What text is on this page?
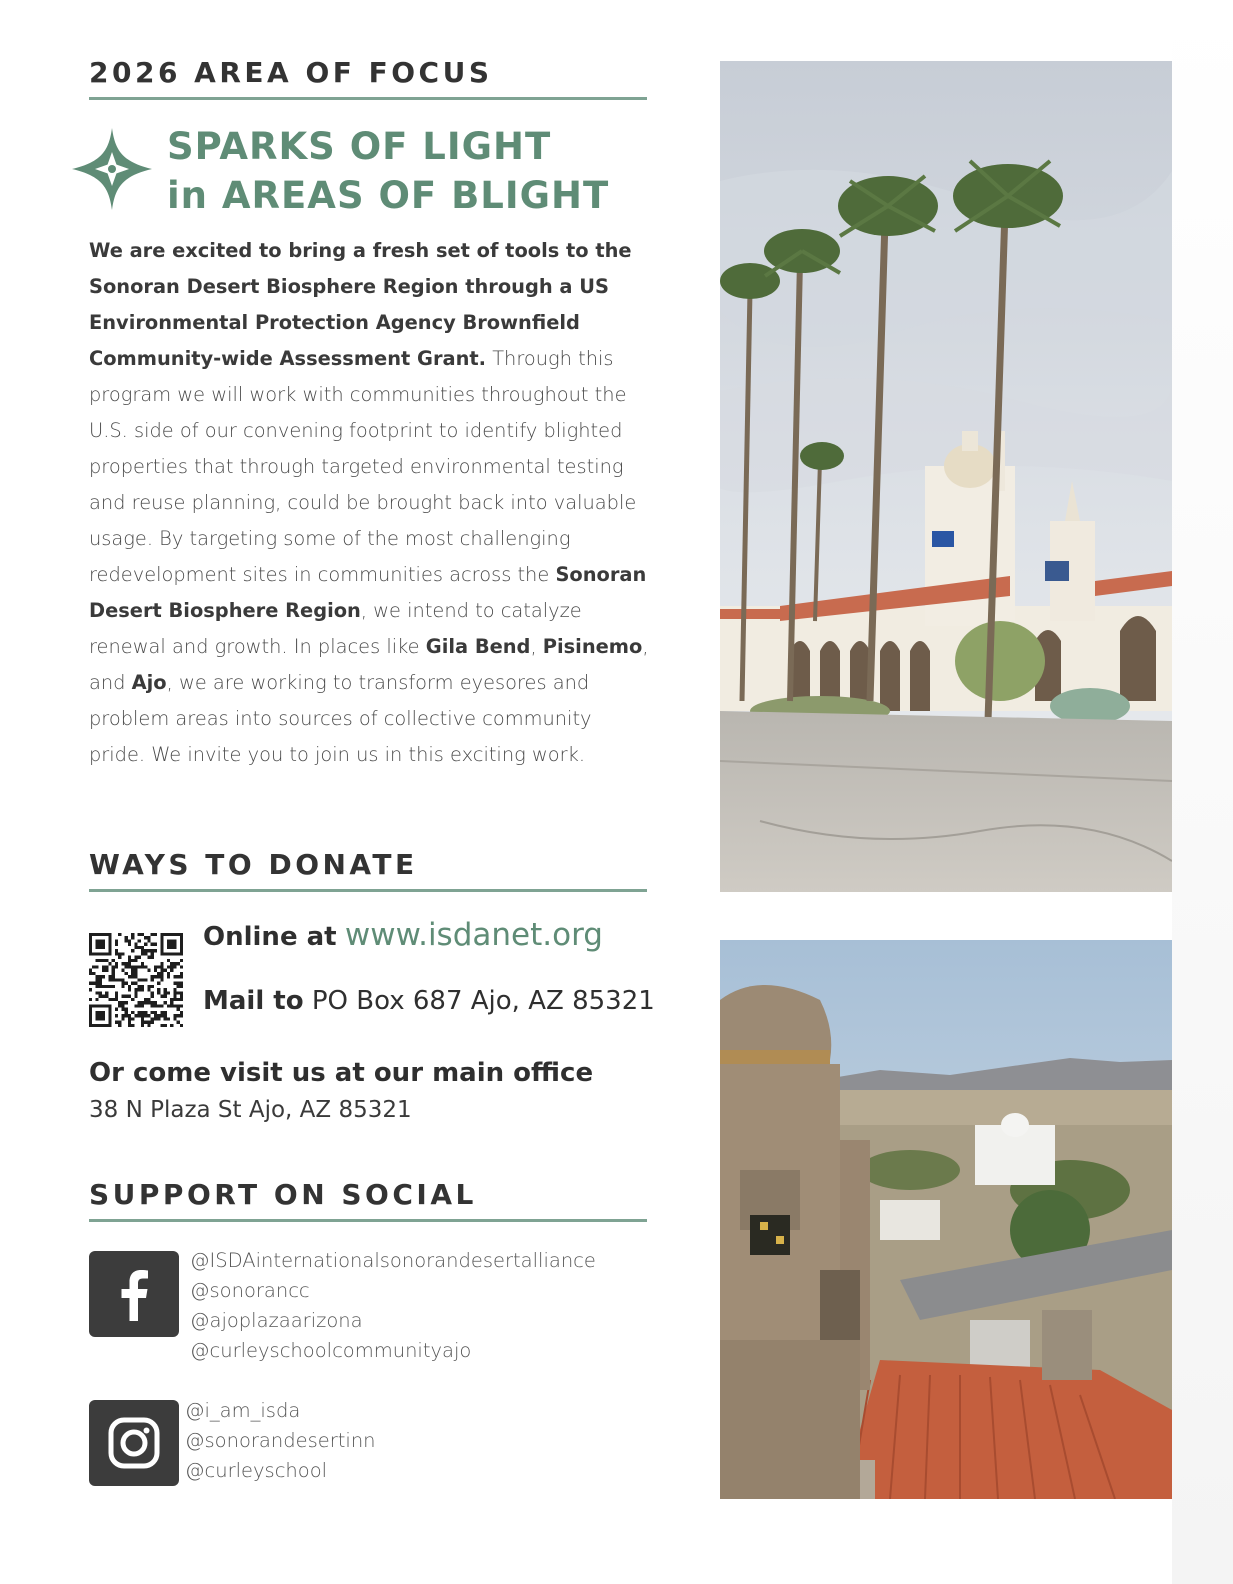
2026 AREA OF FOCUS
SPARKS OF LIGHT
in AREAS OF BLIGHT
We are excited to bring a fresh set of tools to the Sonoran Desert Biosphere Region through a US Environmental Protection Agency Brownfield Community-wide Assessment Grant. Through this program we will work with communities throughout the U.S. side of our convening footprint to identify blighted properties that through targeted environmental testing and reuse planning, could be brought back into valuable usage. By targeting some of the most challenging redevelopment sites in communities across the Sonoran Desert Biosphere Region, we intend to catalyze renewal and growth. In places like Gila Bend, Pisinemo, and Ajo, we are working to transform eyesores and problem areas into sources of collective community pride. We invite you to join us in this exciting work.
WAYS TO DONATE
Online at www.isdanet.org
Mail to PO Box 687 Ajo, AZ 85321
Or come visit us at our main office
38 N Plaza St Ajo, AZ 85321
SUPPORT ON SOCIAL
@ISDAinternationalsonorandesertalliance
@sonorancc
@ajoplazaarizona
@curleyschoolcommunityajo
@i_am_isda
@sonorandesertinn
@curleyschool
